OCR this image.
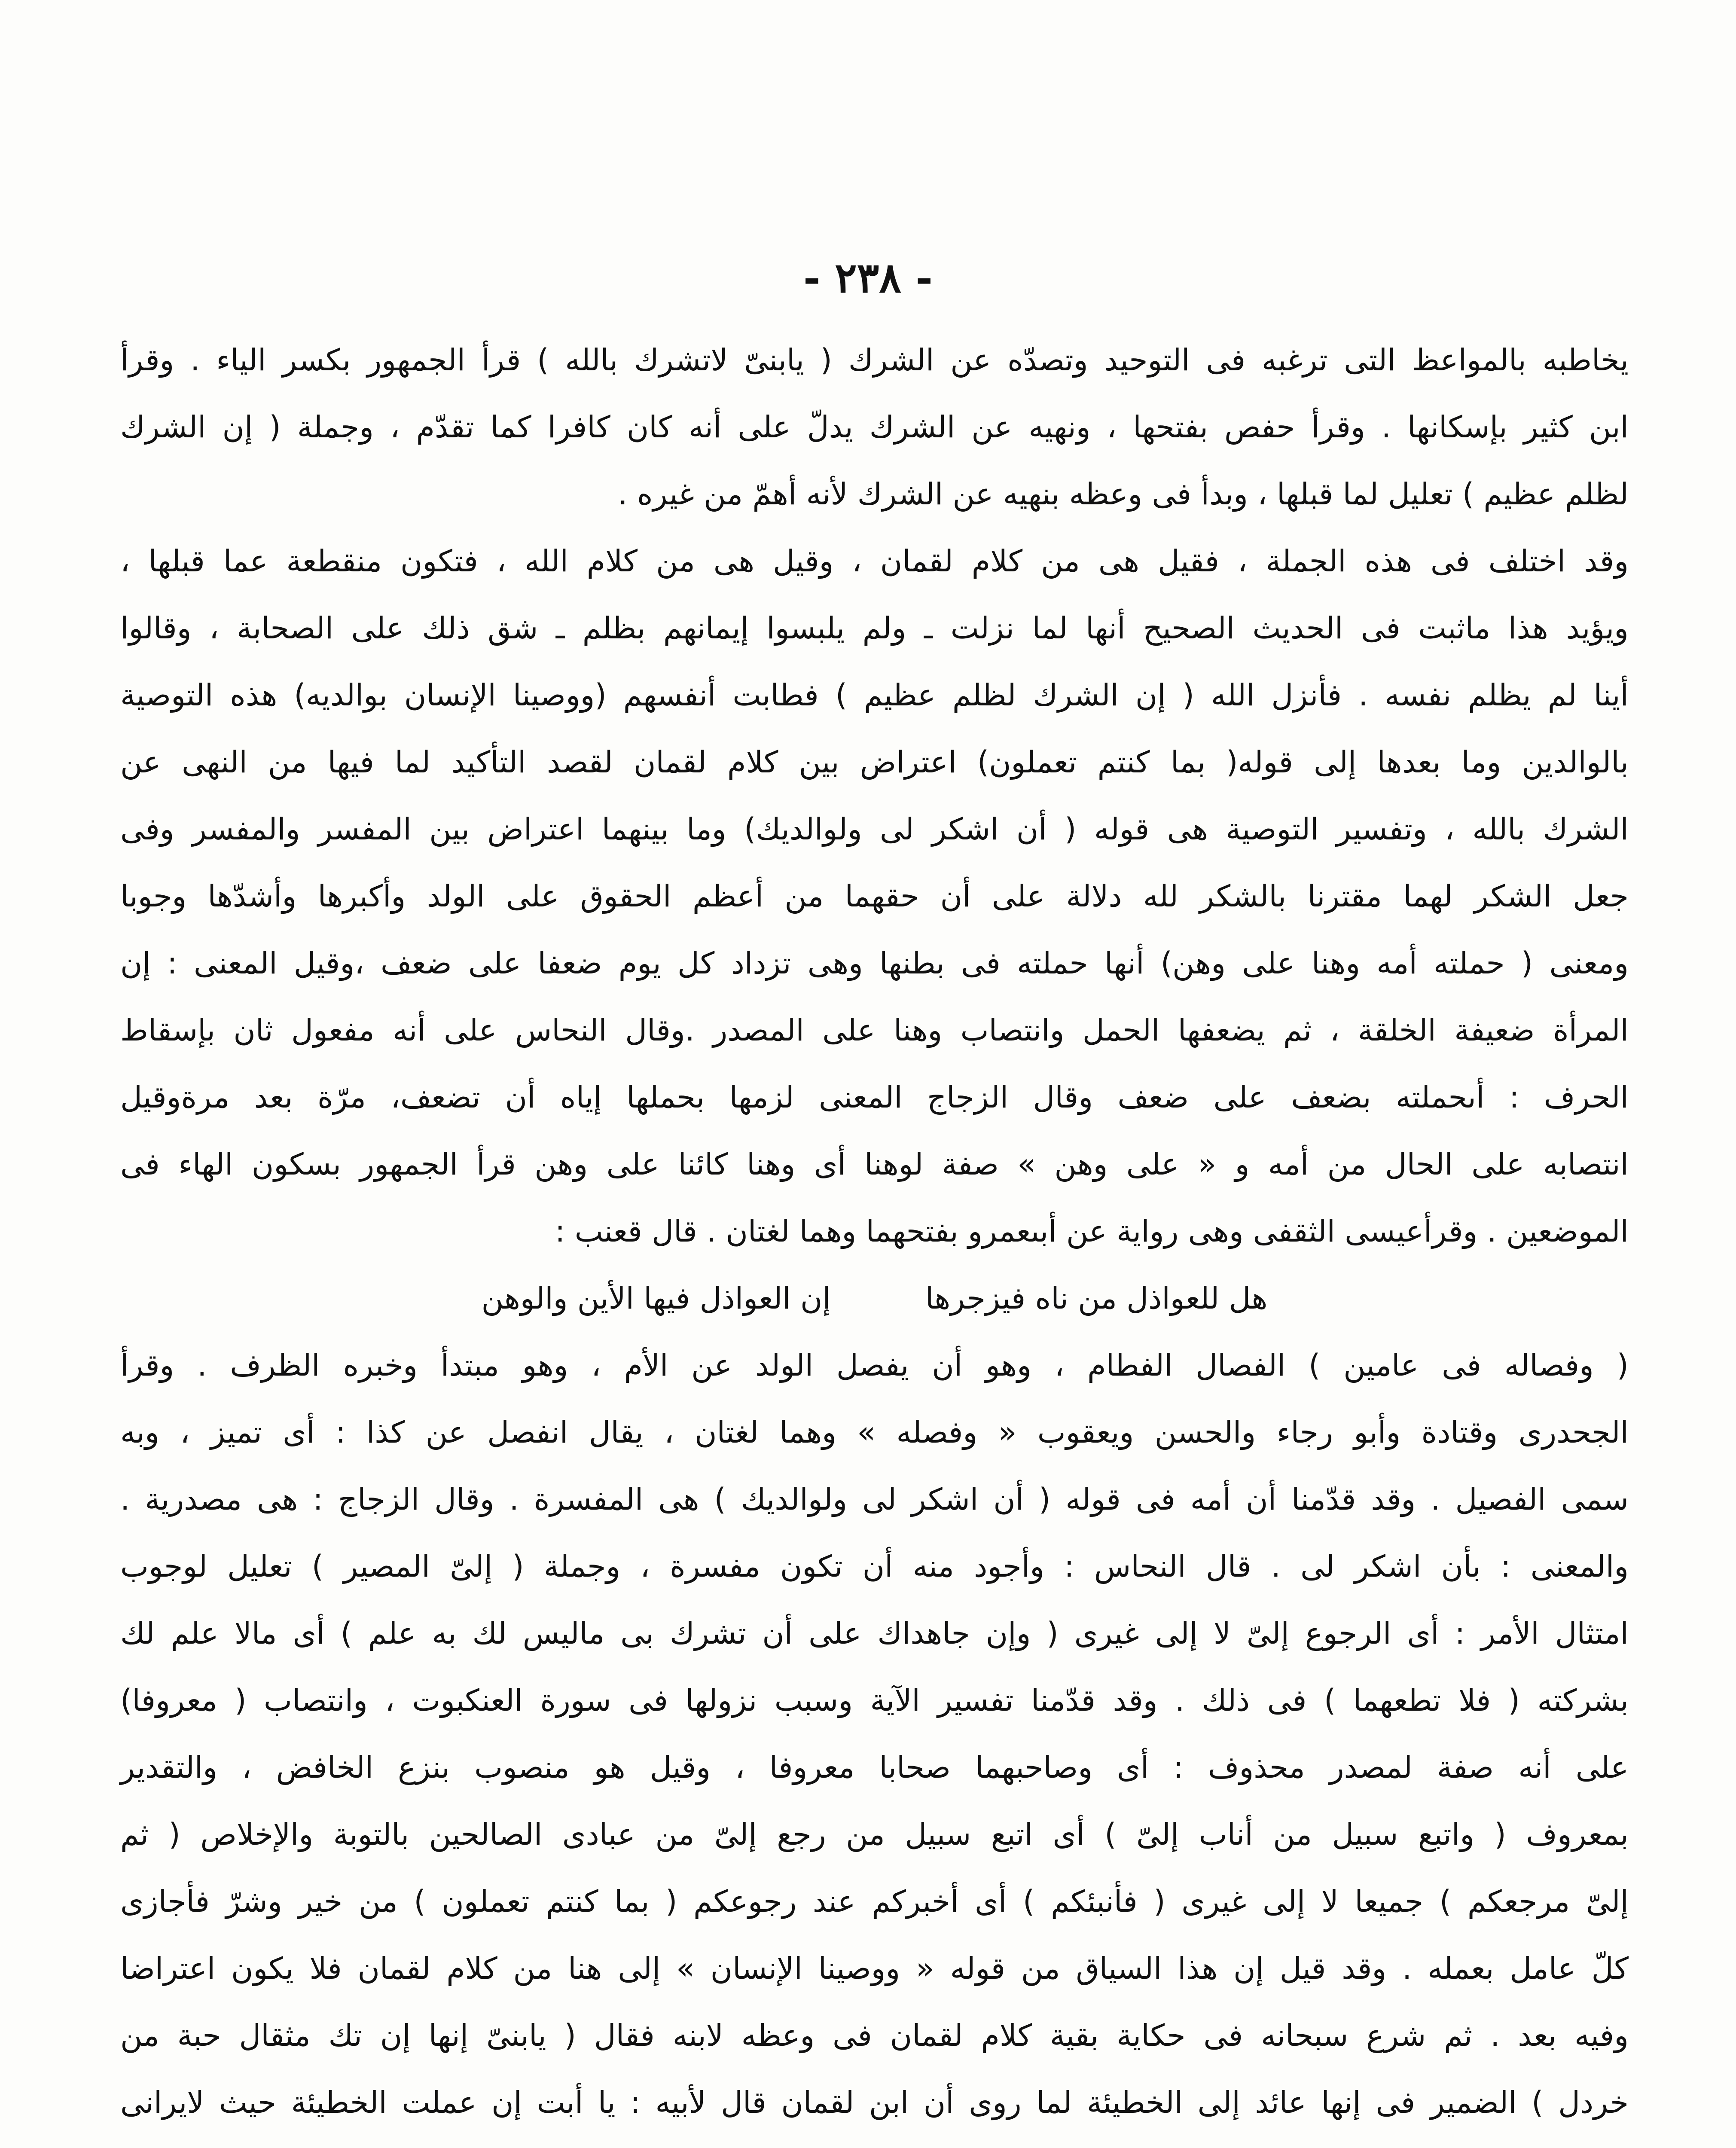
- ٢٣٨ -
يخاطبه بالمواعظ التى ترغبه فى التوحيد وتصدّه عن الشرك ( يابنىّ لاتشرك بالله ) قرأ الجمهور بكسر الياء . وقرأ
ابن كثير بإسكانها . وقرأ حفص بفتحها ، ونهيه عن الشرك يدلّ على أنه كان كافرا كما تقدّم ، وجملة ( إن الشرك
لظلم عظيم ) تعليل لما قبلها ، وبدأ فى وعظه بنهيه عن الشرك لأنه أهمّ من غيره .
وقد اختلف فى هذه الجملة ، فقيل هى من كلام لقمان ، وقيل هى من كلام الله ، فتكون منقطعة عما قبلها ،
ويؤيد هذا ماثبت فى الحديث الصحيح أنها لما نزلت ـ ولم يلبسوا إيمانهم بظلم ـ شق ذلك على الصحابة ، وقالوا
أينا لم يظلم نفسه . فأنزل الله ( إن الشرك لظلم عظيم ) فطابت أنفسهم (ووصينا الإنسان بوالديه) هذه التوصية
بالوالدين وما بعدها إلى قوله( بما كنتم تعملون) اعتراض بين كلام لقمان لقصد التأكيد لما فيها من النهى عن
الشرك بالله ، وتفسير التوصية هى قوله ( أن اشكر لى ولوالديك) وما بينهما اعتراض بين المفسر والمفسر وفى
جعل الشكر لهما مقترنا بالشكر لله دلالة على أن حقهما من أعظم الحقوق على الولد وأكبرها وأشدّها وجوبا
ومعنى ( حملته أمه وهنا على وهن) أنها حملته فى بطنها وهى تزداد كل يوم ضعفا على ضعف ،وقيل المعنى : إن
المرأة ضعيفة الخلقة ، ثم يضعفها الحمل وانتصاب وهنا على المصدر .وقال النحاس على أنه مفعول ثان بإسقاط
الحرف : أىحملته بضعف على ضعف وقال الزجاج المعنى لزمها بحملها إياه أن تضعف، مرّة بعد مرةوقيل
انتصابه على الحال من أمه و « على وهن » صفة لوهنا أى وهنا كائنا على وهن قرأ الجمهور بسكون الهاء فى
الموضعين . وقرأعيسى الثقفى وهى رواية عن أبىعمرو بفتحهما وهما لغتان . قال قعنب :
هل للعواذل من ناه فيزجرها
إن العواذل فيها الأين والوهن
( وفصاله فى عامين ) الفصال الفطام ، وهو أن يفصل الولد عن الأم ، وهو مبتدأ وخبره الظرف . وقرأ
الجحدرى وقتادة وأبو رجاء والحسن ويعقوب « وفصله » وهما لغتان ، يقال انفصل عن كذا : أى تميز ، وبه
سمى الفصيل . وقد قدّمنا أن أمه فى قوله ( أن اشكر لى ولوالديك ) هى المفسرة . وقال الزجاج : هى مصدرية .
والمعنى : بأن اشكر لى . قال النحاس : وأجود منه أن تكون مفسرة ، وجملة ( إلىّ المصير ) تعليل لوجوب
امتثال الأمر : أى الرجوع إلىّ لا إلى غيرى ( وإن جاهداك على أن تشرك بى ماليس لك به علم ) أى مالا علم لك
بشركته ( فلا تطعهما ) فى ذلك . وقد قدّمنا تفسير الآية وسبب نزولها فى سورة العنكبوت ، وانتصاب ( معروفا)
على أنه صفة لمصدر محذوف : أى وصاحبهما صحابا معروفا ، وقيل هو منصوب بنزع الخافض ، والتقدير
بمعروف ( واتبع سبيل من أناب إلىّ ) أى اتبع سبيل من رجع إلىّ من عبادى الصالحين بالتوبة والإخلاص ( ثم
إلىّ مرجعكم ) جميعا لا إلى غيرى ( فأنبئكم ) أى أخبركم عند رجوعكم ( بما كنتم تعملون ) من خير وشرّ فأجازى
كلّ عامل بعمله . وقد قيل إن هذا السياق من قوله « ووصينا الإنسان » إلى هنا من كلام لقمان فلا يكون اعتراضا
وفيه بعد . ثم شرع سبحانه فى حكاية بقية كلام لقمان فى وعظه لابنه فقال ( يابنىّ إنها إن تك مثقال حبة من
خردل ) الضمير فى إنها عائد إلى الخطيئة لما روى أن ابن لقمان قال لأبيه : يا أبت إن عملت الخطيئة حيث لايرانى
